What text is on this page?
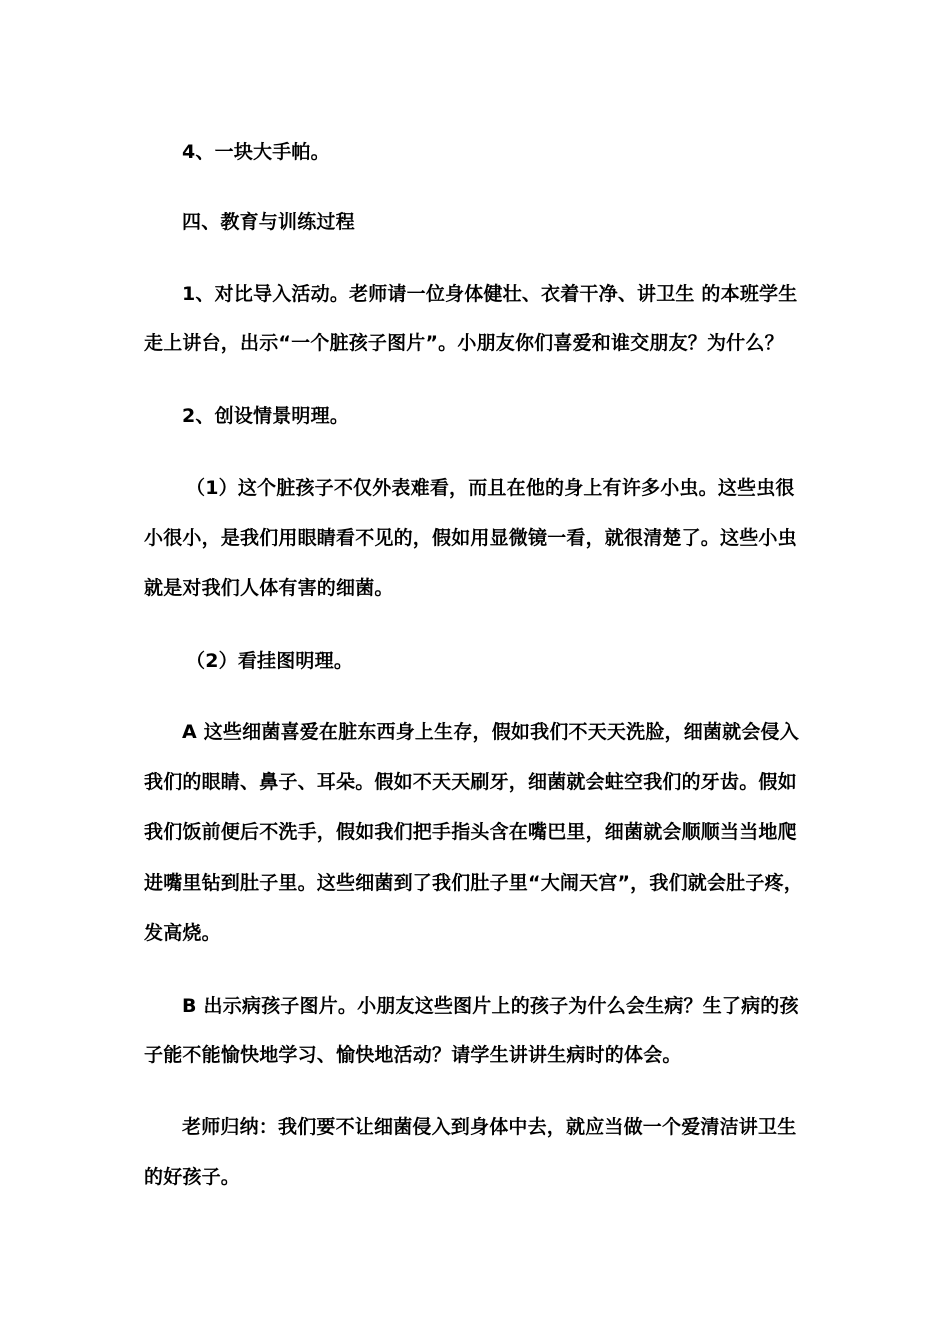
4、一块大手帕。
四、教育与训练过程
1、对比导入活动。老师请一位身体健壮、衣着干净、讲卫生 的本班学生
走上讲台，出示“一个脏孩子图片”。小朋友你们喜爱和谁交朋友？为什么？
2、创设情景明理。
（1）这个脏孩子不仅外表难看，而且在他的身上有许多小虫。这些虫很
小很小，是我们用眼睛看不见的，假如用显微镜一看，就很清楚了。这些小虫
就是对我们人体有害的细菌。
（2）看挂图明理。
A 这些细菌喜爱在脏东西身上生存，假如我们不天天洗脸，细菌就会侵入
我们的眼睛、鼻子、耳朵。假如不天天刷牙，细菌就会蛀空我们的牙齿。假如
我们饭前便后不洗手，假如我们把手指头含在嘴巴里，细菌就会顺顺当当地爬
进嘴里钻到肚子里。这些细菌到了我们肚子里“大闹天宫”，我们就会肚子疼，
发高烧。
B 出示病孩子图片。小朋友这些图片上的孩子为什么会生病？生了病的孩
子能不能愉快地学习、愉快地活动？请学生讲讲生病时的体会。
老师归纳：我们要不让细菌侵入到身体中去，就应当做一个爱清洁讲卫生
的好孩子。
